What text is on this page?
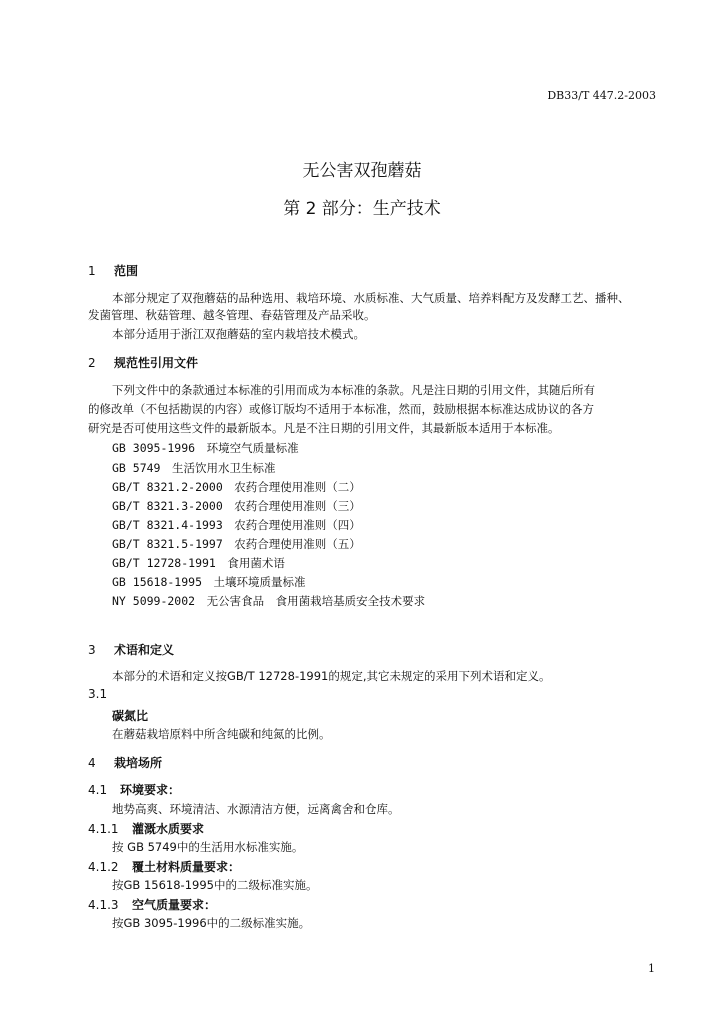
DB33/T 447.2-2003
无公害双孢蘑菇
第 2 部分：生产技术
1 范围
本部分规定了双孢蘑菇的品种选用、栽培环境、水质标准、大气质量、培养料配方及发酵工艺、播种、
发菌管理、秋菇管理、越冬管理、春菇管理及产品采收。
本部分适用于浙江双孢蘑菇的室内栽培技术模式。
2 规范性引用文件
下列文件中的条款通过本标准的引用而成为本标准的条款。凡是注日期的引用文件，其随后所有
的修改单（不包括勘误的内容）或修订版均不适用于本标准，然而，鼓励根据本标准达成协议的各方
研究是否可使用这些文件的最新版本。凡是不注日期的引用文件，其最新版本适用于本标准。
GB 3095-1996　 环境空气质量标准
GB 5749　 生活饮用水卫生标准
GB/T 8321.2-2000　 农药合理使用准则（二）
GB/T 8321.3-2000　 农药合理使用准则（三）
GB/T 8321.4-1993　 农药合理使用准则（四）
GB/T 8321.5-1997　 农药合理使用准则（五）
GB/T 12728-1991　 食用菌术语
GB 15618-1995　 土壤环境质量标准
NY 5099-2002　 无公害食品　食用菌栽培基质安全技术要求
3 术语和定义
本部分的术语和定义按GB/T 12728-1991的规定,其它未规定的采用下列术语和定义。
3.1
碳氮比
在蘑菇栽培原料中所含纯碳和纯氮的比例。
4 栽培场所
4.1 环境要求：
地势高爽、环境清洁、水源清洁方便，远离禽舍和仓库。
4.1.1 灌溉水质要求
按 GB 5749中的生活用水标准实施。
4.1.2 覆土材料质量要求：
按GB 15618-1995中的二级标准实施。
4.1.3 空气质量要求：
按GB 3095-1996中的二级标准实施。
1
